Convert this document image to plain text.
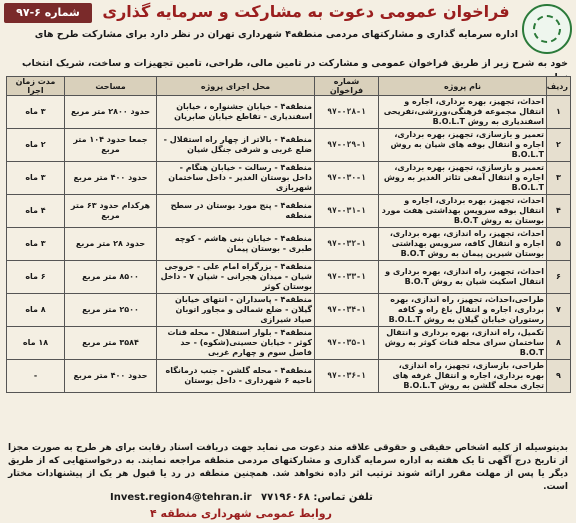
شماره ۶-۹۷	فراخوان عمومی دعوت به مشارکت و سرمایه گذاری
اداره سرمایه گذاری و مشارکتهای مردمی منطقه۴ شهرداری تهران در نظر دارد برای مشارکت طرح های
خود به شرح زیر از طریق فراخوان عمومی و مشارکت در تامین مالی، طراحی، تامین تجهیزات و ساخت، شریک انتخاب
ردیف	نام پروژه	شماره فراخوان	محل اجرای پروژه	مساحت	مدت زمان اجرا
۱	احداث، تجهیز، بهره برداری، اجاره و انتقال مجموعه فرهنگی،ورزشی،تفریحی اسفندیاری به روش B.O.L.T	۹۷-۰۲۸-۱	منطقه۴ - خیابان جشنواره ، خیابان اسفندیاری - تقاطع خیابان صابریان	حدود ۲۸۰۰ متر مربع	۳ ماه
۲	تعمیر و بازسازی، تجهیز، بهره برداری، اجاره و انتقال بوفه های شیان به روش B.O.L.T	۹۷-۰۲۹-۱	منطقه۴ - بالاتر از چهار راه استقلال - ضلع غربی و شرقی جنگل شیان	جمعا حدود ۱۰۴ متر مربع	۲ ماه
۳	تعمیر و بازسازی، تجهیز، بهره برداری، اجاره و انتقال آمفی تئاتر الغدیر به روش B.O.L.T	۹۷-۰۳۰-۱	منطقه۴ - رسالت - خیابان هنگام - داخل بوستان الغدیر - داخل ساختمان شهربازی	حدود ۴۰۰ متر مربع	۳ ماه
۴	احداث، تجهیز، بهره برداری، اجاره و انتقال بوفه سرویس بهداشتی هفت مورد بوستان به روش B.O.T	۹۷-۰۳۱-۱	منطقه۴ - پنج مورد بوستان در سطح منطقه	هرکدام حدود ۶۳ متر مربع	۴ ماه
۵	احداث، تجهیز، راه اندازی، بهره برداری، اجاره و انتقال کافه، سرویس بهداشتی بوستان شیرین پیمان به روش B.O.T	۹۷-۰۳۲-۱	منطقه۴ - خیابان بنی هاشم - کوچه طبری - بوستان پیمان	حدود ۲۸ متر مربع	۳ ماه
۶	احداث، تجهیز، راه اندازی، بهره برداری و انتقال اسکیت شیان به روش B.O.T	۹۷-۰۳۳-۱	منطقه۴ - بزرگراه امام علی - خروجی شیان - میدان هجرانی - شیان ۷ - داخل بوستان کوثر	۸۵۰۰ متر مربع	۶ ماه
۷	طراحی،احداث، تجهیز، راه اندازی، بهره برداری، اجاره و انتقال باغ راه و کافه رستوران خیابان گیلان به روش B.O.L.T	۹۷-۰۳۴-۱	منطقه۴ - پاسداران - انتهای خیابان گیلان - ضلع شمالی و مجاور اتوبان صیاد شیرازی	۲۵۰۰ متر مربع	۸ ماه
۸	تکمیل، راه اندازی، بهره برداری و انتقال ساختمان سرای محله قنات کوثر به روش B.O.T	۹۷-۰۳۵-۱	منطقه۴ - بلوار استقلال - محله قنات کوثر - خیابان حسینی(شکوه) - حد فاصل سوم و چهارم غربی	۳۵۸۴ متر مربع	۱۸ ماه
۹	طراحی، بازسازی، تجهیز، راه اندازی، بهره برداری، اجاره و انتقال غرفه های تجاری محله گلشن به روش B.O.L.T	۹۷-۰۳۶-۱	منطقه۴ - محله گلشن - جنب درمانگاه ناحیه ۶ شهرداری - داخل بوستان	حدود ۴۰۰ متر مربع	-
بدینوسیله از کلیه اشخاص حقیقی و حقوقی علاقه مند دعوت می نماید جهت دریافت اسناد رقابت برای هر طرح به صورت مجزا از تاریخ درج آگهی تا یک هفته به اداره سرمایه گذاری و مشارکتهای مردمی منطقه مراجعه نمایند. به درخواستهایی که از طریق دیگر یا پس از مهلت مقرر ارائه شوند ترتیب اثر داده نخواهد شد. همچنین منطقه در رد یا قبول هر یک از پیشنهادات مختار است.
تلفن تماس: ۷۷۱۹۶۰۶۸ Invest.region4@tehran.ir
روابط عمومی شهرداری منطقه ۴
